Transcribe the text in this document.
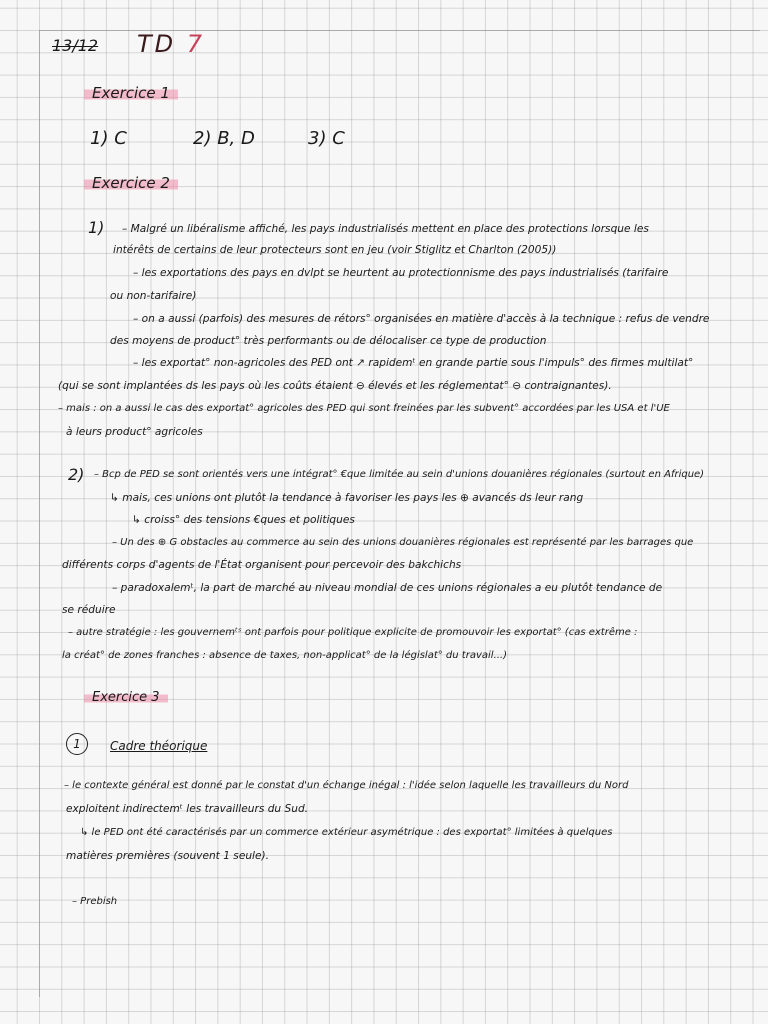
13/12 TD 7
Exercice 1
1) C	2) B, D	3) C
Exercice 2
1) – Malgré un libéralisme affiché, les pays industrialisés mettent en place des protections lorsque les
intérêts de certains de leur protecteurs sont en jeu (voir Stiglitz et Charlton (2005))
– les exportations des pays en dvlpt se heurtent au protectionnisme des pays industrialisés (tarifaire
ou non-tarifaire)
– on a aussi (parfois) des mesures de rétors° organisées en matière d'accès à la technique : refus de vendre
des moyens de product° très performants ou de délocaliser ce type de production
– les exportat° non-agricoles des PED ont ↗ rapidemᵗ en grande partie sous l'impuls° des firmes multilat°
(qui se sont implantées ds les pays où les coûts étaient ⊖ élevés et les réglementat° ⊖ contraignantes).
– mais : on a aussi le cas des exportat° agricoles des PED qui sont freinées par les subvent° accordées par les USA et l'UE
à leurs product° agricoles
2) – Bcp de PED se sont orientés vers une intégrat° €que limitée au sein d'unions douanières régionales (surtout en Afrique)
↳ mais, ces unions ont plutôt la tendance à favoriser les pays les ⊕ avancés ds leur rang
↳ croiss° des tensions €ques et politiques
– Un des ⊕ G obstacles au commerce au sein des unions douanières régionales est représenté par les barrages que
différents corps d'agents de l'État organisent pour percevoir des bakchichs
– paradoxalemᵗ, la part de marché au niveau mondial de ces unions régionales a eu plutôt tendance de
se réduire
– autre stratégie : les gouvernemᵗˢ ont parfois pour politique explicite de promouvoir les exportat° (cas extrême :
la créat° de zones franches : absence de taxes, non-applicat° de la législat° du travail...)
Exercice 3
1	Cadre théorique
– le contexte général est donné par le constat d'un échange inégal : l'idée selon laquelle les travailleurs du Nord
exploitent indirectemᵗ les travailleurs du Sud.
↳ le PED ont été caractérisés par un commerce extérieur asymétrique : des exportat° limitées à quelques
matières premières (souvent 1 seule).
– Prebish
